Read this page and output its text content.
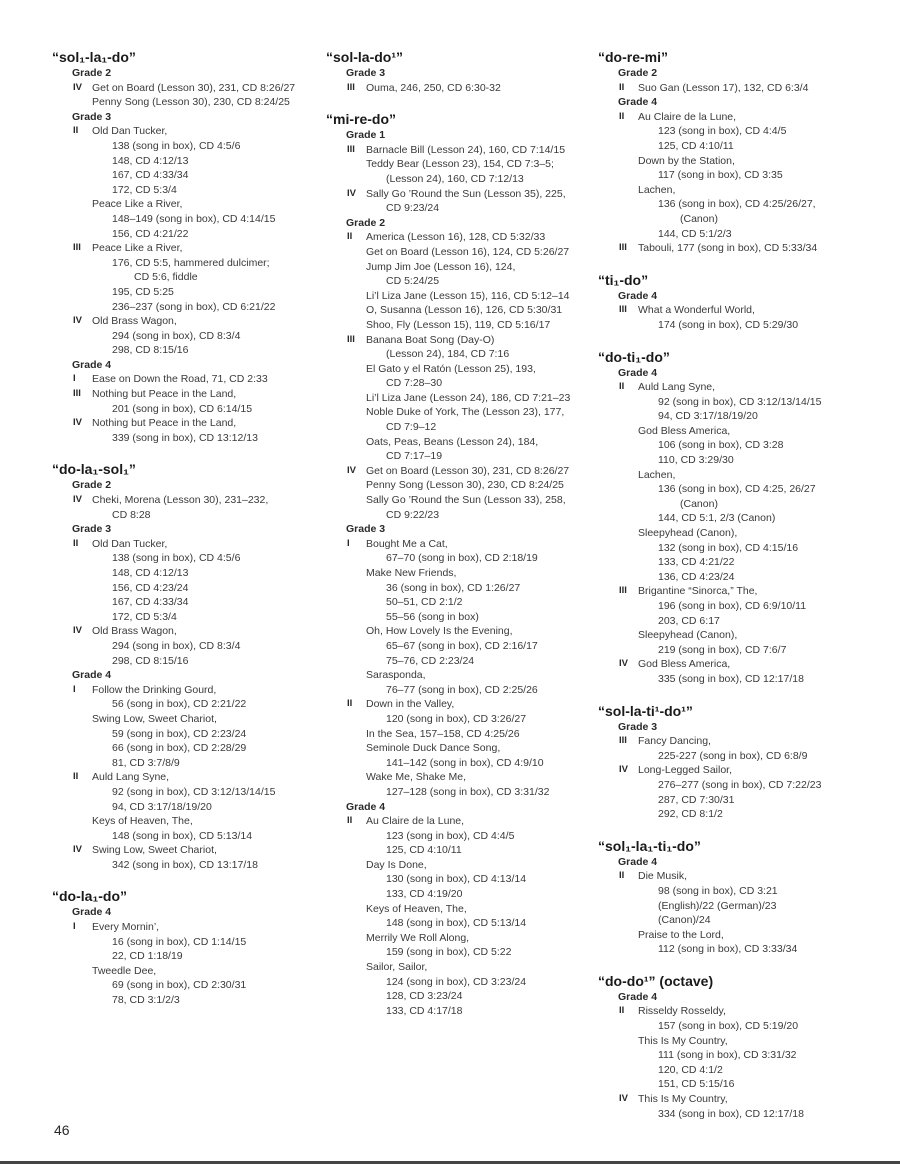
“sol₁-la₁-do”
Grade 2
IV Get on Board (Lesson 30), 231, CD 8:26/27
Penny Song (Lesson 30), 230, CD 8:24/25
Grade 3
II Old Dan Tucker,
138 (song in box), CD 4:5/6
148, CD 4:12/13
167, CD 4:33/34
172, CD 5:3/4
Peace Like a River,
148–149 (song in box), CD 4:14/15
156, CD 4:21/22
III Peace Like a River,
176, CD 5:5, hammered dulcimer;
CD 5:6, fiddle
195, CD 5:25
236–237 (song in box), CD 6:21/22
IV Old Brass Wagon,
294 (song in box), CD 8:3/4
298, CD 8:15/16
Grade 4
I Ease on Down the Road, 71, CD 2:33
III Nothing but Peace in the Land,
201 (song in box), CD 6:14/15
IV Nothing but Peace in the Land,
339 (song in box), CD 13:12/13
“do-la₁-sol₁”
Grade 2
IV Cheki, Morena (Lesson 30), 231–232,
CD 8:28
Grade 3
II Old Dan Tucker,
138 (song in box), CD 4:5/6
148, CD 4:12/13
156, CD 4:23/24
167, CD 4:33/34
172, CD 5:3/4
IV Old Brass Wagon,
294 (song in box), CD 8:3/4
298, CD 8:15/16
Grade 4
I Follow the Drinking Gourd,
56 (song in box), CD 2:21/22
Swing Low, Sweet Chariot,
59 (song in box), CD 2:23/24
66 (song in box), CD 2:28/29
81, CD 3:7/8/9
II Auld Lang Syne,
92 (song in box), CD 3:12/13/14/15
94, CD 3:17/18/19/20
Keys of Heaven, The,
148 (song in box), CD 5:13/14
IV Swing Low, Sweet Chariot,
342 (song in box), CD 13:17/18
“do-la₁-do”
Grade 4
I Every Mornin’,
16 (song in box), CD 1:14/15
22, CD 1:18/19
Tweedle Dee,
69 (song in box), CD 2:30/31
78, CD 3:1/2/3
“sol-la-do¹”
Grade 3
III Ouma, 246, 250, CD 6:30-32
“mi-re-do”
Grade 1
III Barnacle Bill (Lesson 24), 160, CD 7:14/15
Teddy Bear (Lesson 23), 154, CD 7:3–5;
(Lesson 24), 160, CD 7:12/13
IV Sally Go ’Round the Sun (Lesson 35), 225,
CD 9:23/24
Grade 2
II America (Lesson 16), 128, CD 5:32/33
Get on Board (Lesson 16), 124, CD 5:26/27
Jump Jim Joe (Lesson 16), 124,
CD 5:24/25
Li’l Liza Jane (Lesson 15), 116, CD 5:12–14
O, Susanna (Lesson 16), 126, CD 5:30/31
Shoo, Fly (Lesson 15), 119, CD 5:16/17
III Banana Boat Song (Day-O)
(Lesson 24), 184, CD 7:16
El Gato y el Ratón (Lesson 25), 193,
CD 7:28–30
Li’l Liza Jane (Lesson 24), 186, CD 7:21–23
Noble Duke of York, The (Lesson 23), 177,
CD 7:9–12
Oats, Peas, Beans (Lesson 24), 184,
CD 7:17–19
IV Get on Board (Lesson 30), 231, CD 8:26/27
Penny Song (Lesson 30), 230, CD 8:24/25
Sally Go ’Round the Sun (Lesson 33), 258,
CD 9:22/23
Grade 3
I Bought Me a Cat,
67–70 (song in box), CD 2:18/19
Make New Friends,
36 (song in box), CD 1:26/27
50–51, CD 2:1/2
55–56 (song in box)
Oh, How Lovely Is the Evening,
65–67 (song in box), CD 2:16/17
75–76, CD 2:23/24
Sarasponda,
76–77 (song in box), CD 2:25/26
II Down in the Valley,
120 (song in box), CD 3:26/27
In the Sea, 157–158, CD 4:25/26
Seminole Duck Dance Song,
141–142 (song in box), CD 4:9/10
Wake Me, Shake Me,
127–128 (song in box), CD 3:31/32
Grade 4
II Au Claire de la Lune,
123 (song in box), CD 4:4/5
125, CD 4:10/11
Day Is Done,
130 (song in box), CD 4:13/14
133, CD 4:19/20
Keys of Heaven, The,
148 (song in box), CD 5:13/14
Merrily We Roll Along,
159 (song in box), CD 5:22
Sailor, Sailor,
124 (song in box), CD 3:23/24
128, CD 3:23/24
133, CD 4:17/18
“do-re-mi”
Grade 2
II Suo Gan (Lesson 17), 132, CD 6:3/4
Grade 4
II Au Claire de la Lune,
123 (song in box), CD 4:4/5
125, CD 4:10/11
Down by the Station,
117 (song in box), CD 3:35
Lachen,
136 (song in box), CD 4:25/26/27,
(Canon)
144, CD 5:1/2/3
III Tabouli, 177 (song in box), CD 5:33/34
“ti₁-do”
Grade 4
III What a Wonderful World,
174 (song in box), CD 5:29/30
“do-ti₁-do”
Grade 4
II Auld Lang Syne,
92 (song in box), CD 3:12/13/14/15
94, CD 3:17/18/19/20
God Bless America,
106 (song in box), CD 3:28
110, CD 3:29/30
Lachen,
136 (song in box), CD 4:25, 26/27
(Canon)
144, CD 5:1, 2/3 (Canon)
Sleepyhead (Canon),
132 (song in box), CD 4:15/16
133, CD 4:21/22
136, CD 4:23/24
III Brigantine “Sinorca,” The,
196 (song in box), CD 6:9/10/11
203, CD 6:17
Sleepyhead (Canon),
219 (song in box), CD 7:6/7
IV God Bless America,
335 (song in box), CD 12:17/18
“sol-la-ti¹-do¹”
Grade 3
III Fancy Dancing,
225-227 (song in box), CD 6:8/9
IV Long-Legged Sailor,
276–277 (song in box), CD 7:22/23
287, CD 7:30/31
292, CD 8:1/2
“sol₁-la₁-ti₁-do”
Grade 4
II Die Musik,
98 (song in box), CD 3:21
(English)/22 (German)/23
(Canon)/24
Praise to the Lord,
112 (song in box), CD 3:33/34
“do-do¹” (octave)
Grade 4
II Risseldy Rosseldy,
157 (song in box), CD 5:19/20
This Is My Country,
111 (song in box), CD 3:31/32
120, CD 4:1/2
151, CD 5:15/16
IV This Is My Country,
334 (song in box), CD 12:17/18
46
